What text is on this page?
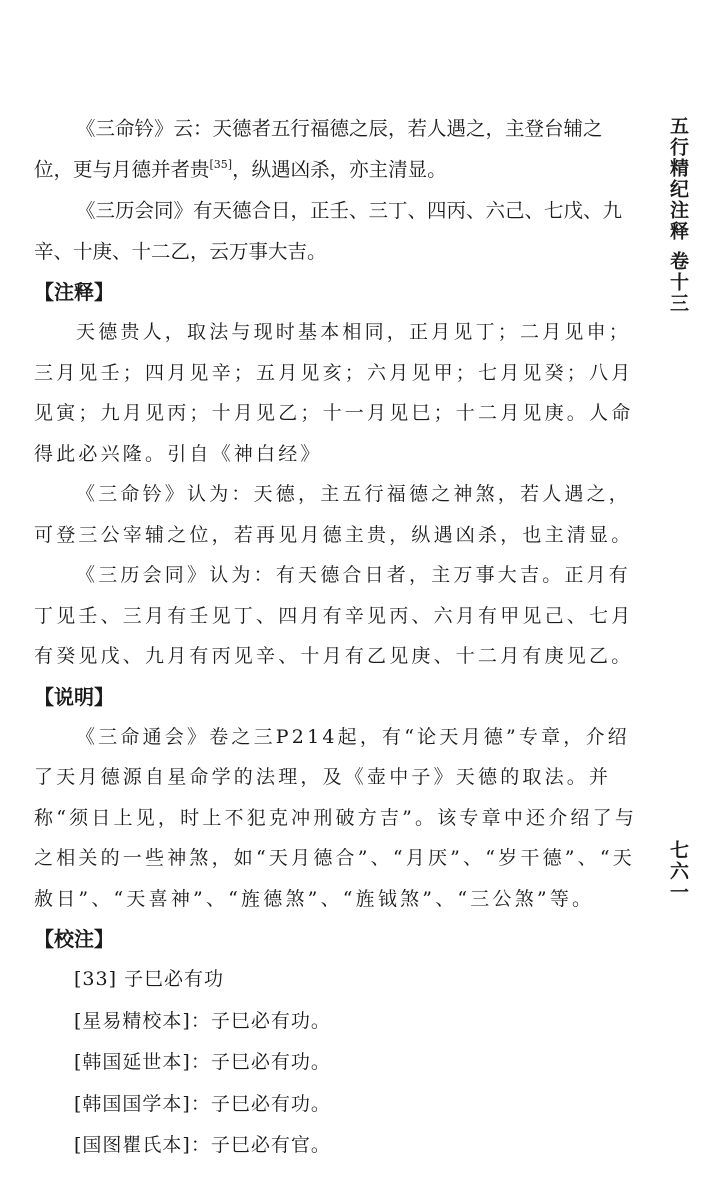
《三命钤》云：天德者五行福德之辰，若人遇之，主登台辅之位，更与月德并者贵[35]，纵遇凶杀，亦主清显。

《三历会同》有天德合日，正壬、三丁、四丙、六己、七戊、九辛、十庚、十二乙，云万事大吉。

【 注释 】

天德贵人，取法与现时基本相同，正月见丁；二月见申；三月见壬；四月见辛；五月见亥；六月见甲；七月见癸；八月见寅；九月见丙；十月见乙；十一月见巳；十二月见庚。人命得此必兴隆。引自《神白经》

《三命钤》认为：天德，主五行福德之神煞，若人遇之，可登三公宰辅之位，若再见月德主贵，纵遇凶杀，也主清显。

《三历会同》认为：有天德合日者，主万事大吉。正月有丁见壬、三月有壬见丁、四月有辛见丙、六月有甲见己、七月有癸见戊、九月有丙见辛、十月有乙见庚、十二月有庚见乙。

【 说明 】

《三命通会》卷之三P214起，有“论天月德”专章，介绍了天月德源自星命学的法理，及《壶中子》天德的取法。并称“须日上见，时上不犯克冲刑破方吉”。该专章中还介绍了与之相关的一些神煞，如“天月德合”、“月厌”、“岁干德”、“天赦日”、“天喜神”、“旌德煞”、“旌钺煞”、“三公煞”等。

【 校注 】

[33] 子巳必有功

[星易精校本]：子巳必有功。

[韩国延世本]：子巳必有功。

[韩国国学本]：子巳必有功。

[国图瞿氏本]：子巳必有官。

五行精纪注释 卷十三
七六一
